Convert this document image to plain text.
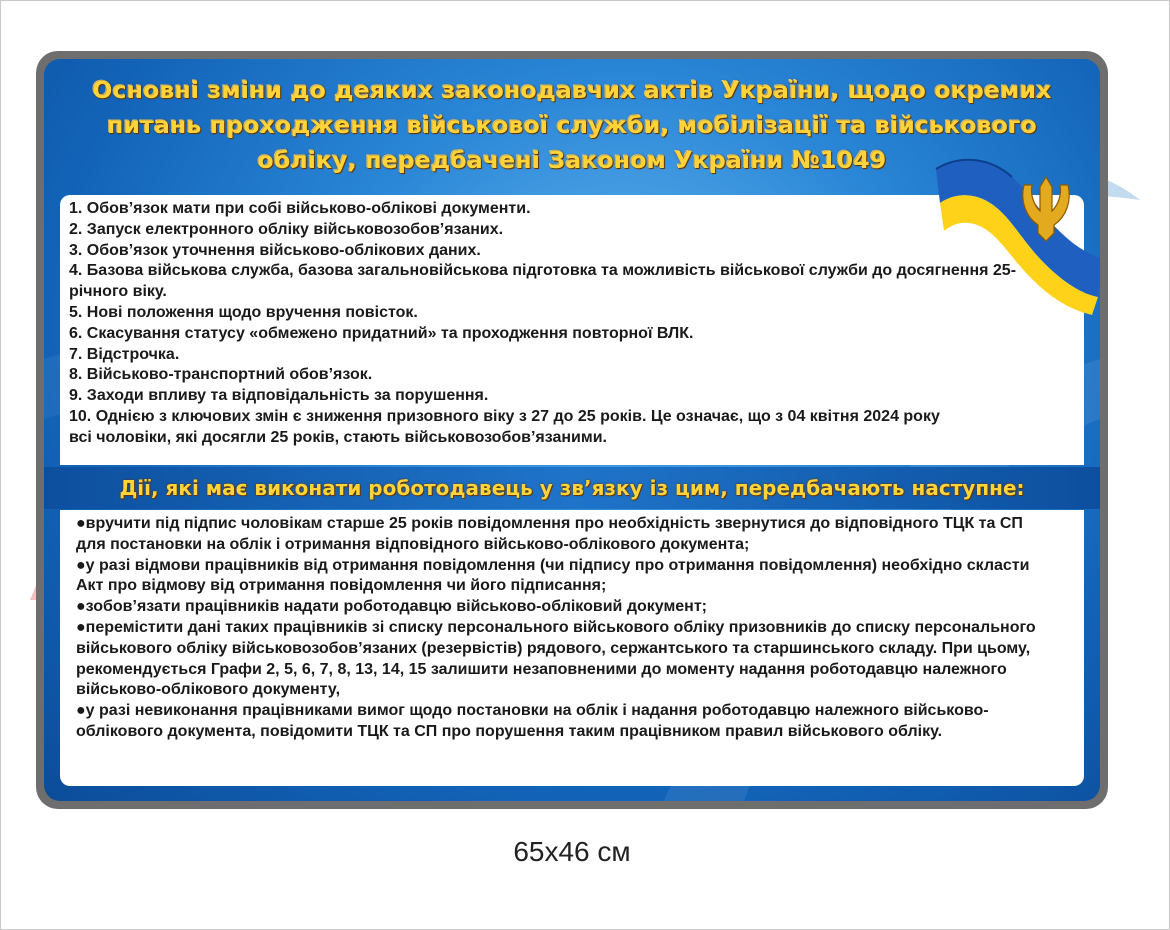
Основні зміни до деяких законодавчих актів України, щодо окремих питань проходження військової служби, мобілізації та військового обліку, передбачені Законом України №1049
1. Обов’язок мати при собі військово-облікові документи.
2. Запуск електронного обліку військовозобов’язаних.
3. Обов’язок уточнення військово-облікових даних.
4. Базова військова служба, базова загальновійськова підготовка та можливість військової служби до досягнення 25-річного віку.
5. Нові положення щодо вручення повісток.
6. Скасування статусу «обмежено придатний» та проходження повторної ВЛК.
7. Відстрочка.
8. Військово-транспортний обов’язок.
9. Заходи впливу та відповідальність за порушення.
10. Однією з ключових змін є зниження призовного віку з 27 до 25 років. Це означає, що з 04 квітня 2024 року
всі чоловіки, які досягли 25 років, стають військовозобов’язаними.
Дії, які має виконати роботодавець у зв’язку із цим, передбачають наступне:
● вручити під підпис чоловікам старше 25 років повідомлення про необхідність звернутися до відповідного ТЦК та СП для постановки на облік і отримання відповідного військово-облікового документа;
● у разі відмови працівників від отримання повідомлення (чи підпису про отримання повідомлення) необхідно скласти Акт про відмову від отримання повідомлення чи його підписання;
● зобов’язати працівників надати роботодавцю військово-обліковий документ;
● перемістити дані таких працівників зі списку персонального військового обліку призовників до списку персонального військового обліку військовозобов’язаних (резервістів) рядового, сержантського та старшинського складу. При цьому, рекомендується Графи 2, 5, 6, 7, 8, 13, 14, 15 залишити незаповненими до моменту надання роботодавцю належного військово-облікового документу,
● у разі невиконання працівниками вимог щодо постановки на облік і надання роботодавцю належного військово-облікового документа, повідомити ТЦК та СП про порушення таким працівником правил військового обліку.
65х46 см
